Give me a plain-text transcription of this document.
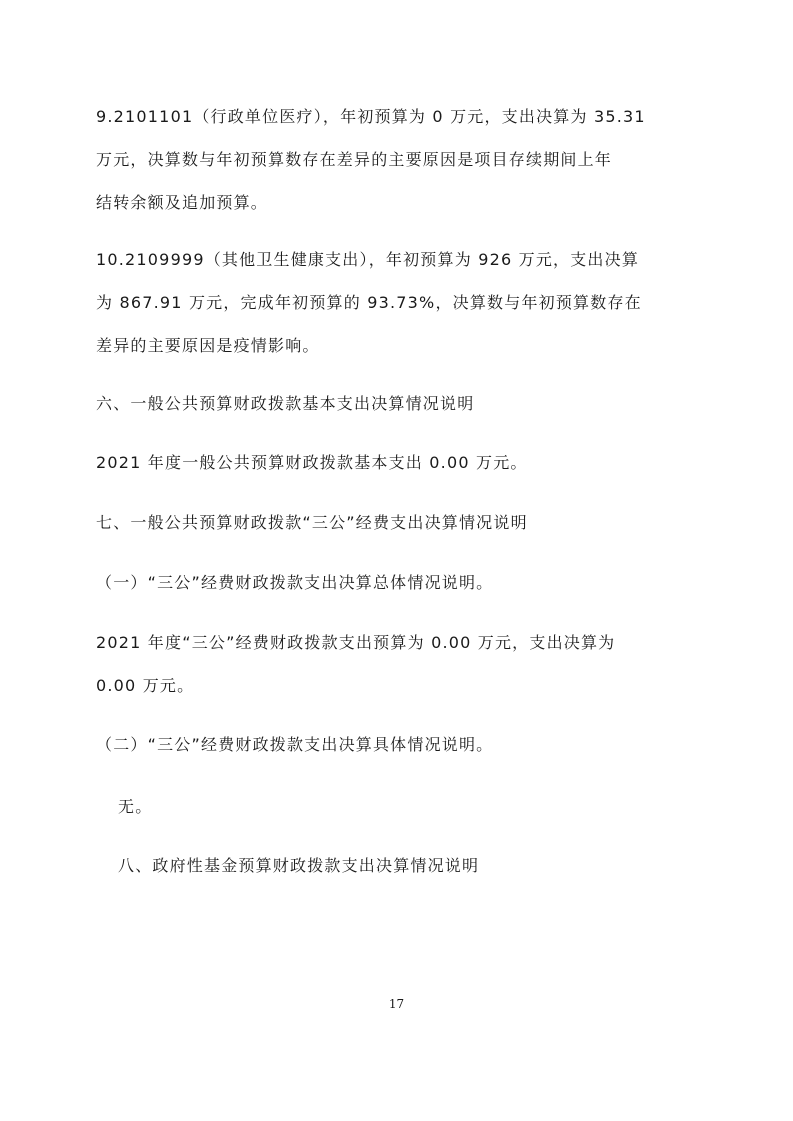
9.2101101（行政单位医疗），年初预算为 0 万元，支出决算为 35.31
万元，决算数与年初预算数存在差异的主要原因是项目存续期间上年
结转余额及追加预算。
10.2109999（其他卫生健康支出），年初预算为 926 万元，支出决算
为 867.91 万元，完成年初预算的 93.73%，决算数与年初预算数存在
差异的主要原因是疫情影响。
六、一般公共预算财政拨款基本支出决算情况说明
2021 年度一般公共预算财政拨款基本支出 0.00 万元。
七、一般公共预算财政拨款“三公”经费支出决算情况说明
（一）“三公”经费财政拨款支出决算总体情况说明。
2021 年度“三公”经费财政拨款支出预算为 0.00 万元，支出决算为
0.00 万元。
（二）“三公”经费财政拨款支出决算具体情况说明。
无。
八、政府性基金预算财政拨款支出决算情况说明
17
